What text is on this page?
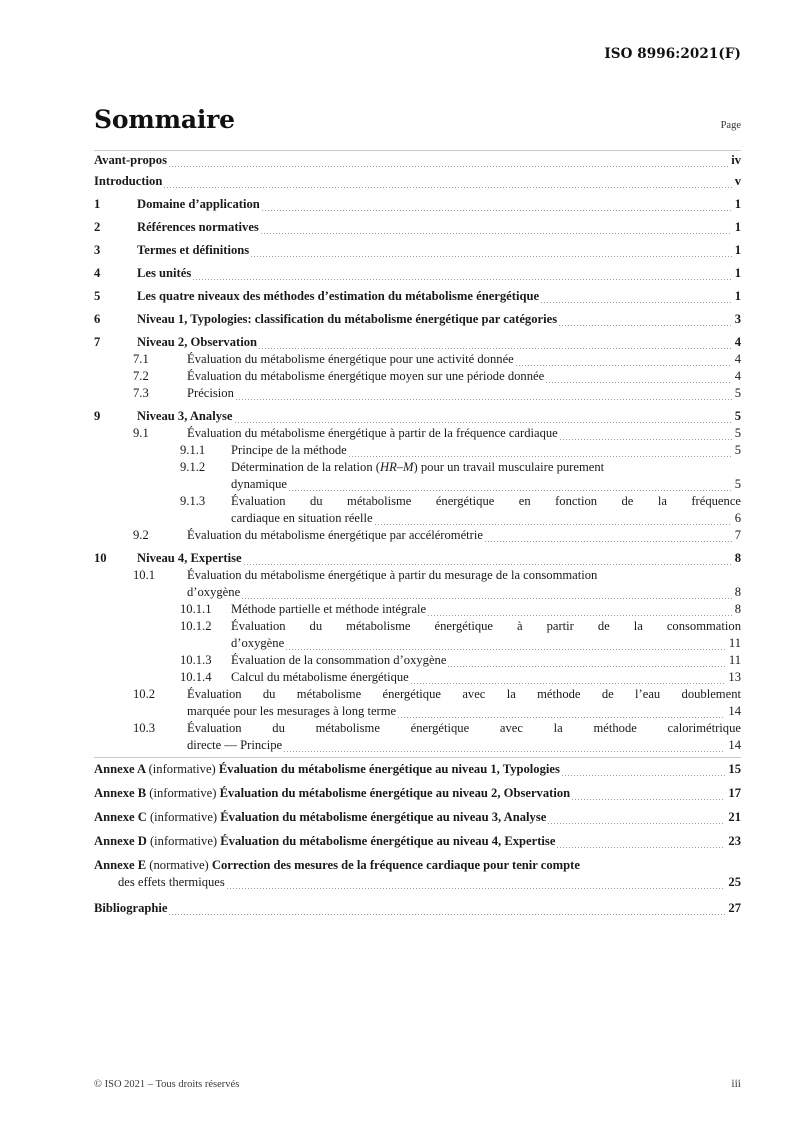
ISO 8996:2021(F)
Sommaire	Page
Avant-propos	iv
Introduction	v
1	Domaine d’application	1
2	Références normatives	1
3	Termes et définitions	1
4	Les unités	1
5	Les quatre niveaux des méthodes d’estimation du métabolisme énergétique	1
6	Niveau 1, Typologies: classification du métabolisme énergétique par catégories	3
7	Niveau 2, Observation	4
7.1	Évaluation du métabolisme énergétique pour une activité donnée	4
7.2	Évaluation du métabolisme énergétique moyen sur une période donnée	4
7.3	Précision	5
9	Niveau 3, Analyse	5
9.1	Évaluation du métabolisme énergétique à partir de la fréquence cardiaque	5
9.1.1	Principe de la méthode	5
9.1.2	Détermination de la relation (HR–M) pour un travail musculaire purement
dynamique	5
9.1.3	Évaluation du métabolisme énergétique en fonction de la fréquence
cardiaque en situation réelle	6
9.2	Évaluation du métabolisme énergétique par accélérométrie	7
10	Niveau 4, Expertise	8
10.1	Évaluation du métabolisme énergétique à partir du mesurage de la consommation
d’oxygène	8
10.1.1	Méthode partielle et méthode intégrale	8
10.1.2	Évaluation du métabolisme énergétique à partir de la consommation
d’oxygène	11
10.1.3	Évaluation de la consommation d’oxygène	11
10.1.4	Calcul du métabolisme énergétique	13
10.2	Évaluation du métabolisme énergétique avec la méthode de l’eau doublement
marquée pour les mesurages à long terme	14
10.3	Évaluation du métabolisme énergétique avec la méthode calorimétrique
directe — Principe	14
Annexe A (informative) Évaluation du métabolisme énergétique au niveau 1, Typologies	15
Annexe B (informative) Évaluation du métabolisme énergétique au niveau 2, Observation	17
Annexe C (informative) Évaluation du métabolisme énergétique au niveau 3, Analyse	21
Annexe D (informative) Évaluation du métabolisme énergétique au niveau 4, Expertise	23
Annexe E (normative) Correction des mesures de la fréquence cardiaque pour tenir compte
des effets thermiques	25
Bibliographie	27
© ISO 2021 – Tous droits réservés	iii
